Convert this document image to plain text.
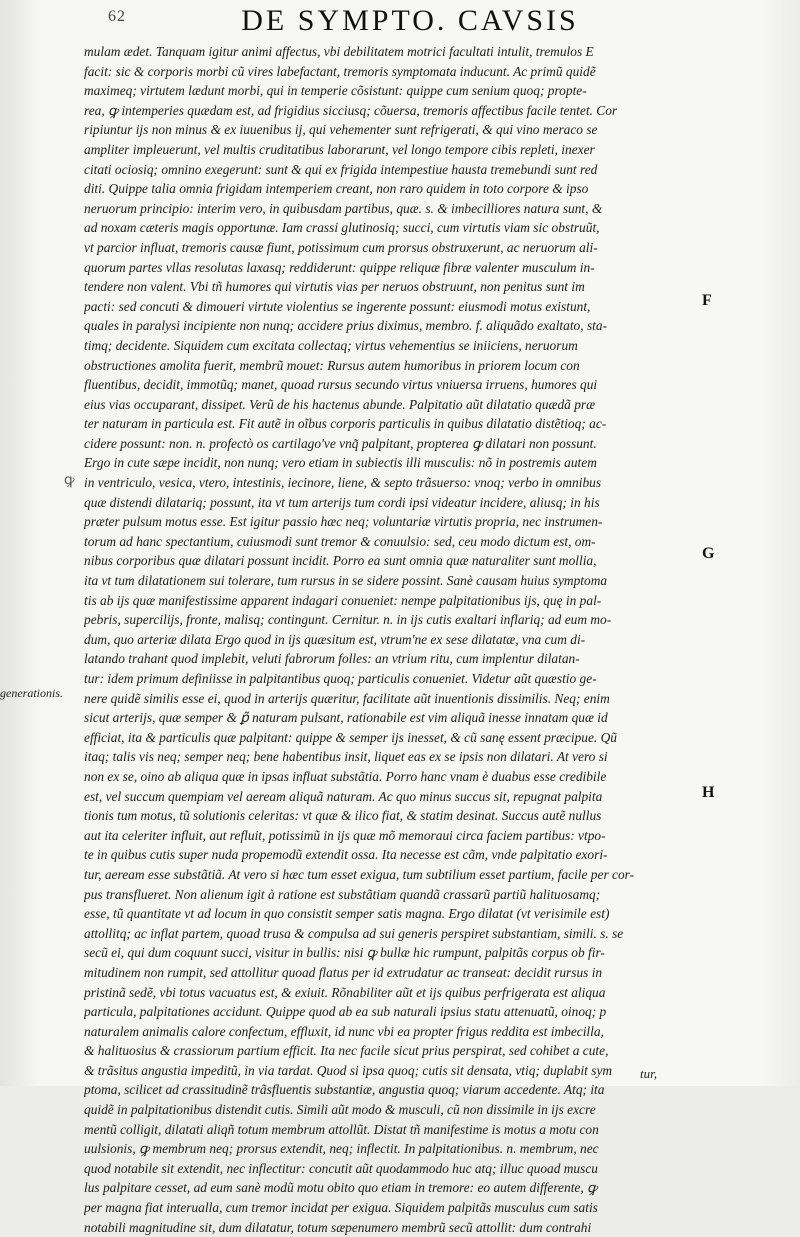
62	DE SYMPTO. CAVSIS
mulam ædet. Tanquam igitur animi affectus, vbi debilitatem motrici facultati intulit, tremulos E
facit: sic & corporis morbi cũ vires labefactant, tremoris symptomata inducunt. Ac primũ quidẽ
maximeq; virtutem lædunt morbi, qui in temperie cõsistunt: quippe cum senium quoq; propte-
rea, ꝙ intemperies quædam est, ad frigidius sicciusq; cõuersa, tremoris affectibus facile tentet. Cor
ripiuntur ijs non minus & ex iuuenibus ij, qui vehementer sunt refrigerati, & qui vino meraco se
ampliter impleuerunt, vel multis cruditatibus laborarunt, vel longo tempore cibis repleti, inexer
citati ociosiq; omnino exegerunt: sunt & qui ex frigida intempestiue hausta tremebundi sunt red
diti. Quippe talia omnia frigidam intemperiem creant, non raro quidem in toto corpore & ipso
neruorum principio: interim vero, in quibusdam partibus, quæ. s. & imbecilliores natura sunt, &
ad noxam cæteris magis opportunæ. Iam crassi glutinosiq; succi, cum virtutis viam sic obstruũt,
vt parcior influat, tremoris causæ fiunt, potissimum cum prorsus obstruxerunt, ac neruorum ali-
quorum partes vllas resolutas laxasq; reddiderunt: quippe reliquæ fibræ valenter musculum in-
tendere non valent. Vbi tñ humores qui virtutis vias per neruos obstruunt, non penitus sunt im
pacti: sed concuti & dimoueri virtute violentius se ingerente possunt: eiusmodi motus existunt,
quales in paralysi incipiente non nunq; accidere prius diximus, membro. f. aliquãdo exaltato, sta-
timq; decidente. Siquidem cum excitata collectaq; virtus vehementius se iniiciens, neruorum
obstructiones amolita fuerit, membrũ mouet: Rursus autem humoribus in priorem locum con
fluentibus, decidit, immotũq; manet, quoad rursus secundo virtus vniuersa irruens, humores qui
eius vias occuparant, dissipet. Verũ de his hactenus abunde. Palpitatio aũt dilatatio quædã præ
ter naturam in particula est. Fit autẽ in oĩbus corporis particulis in quibus dilatatio distẽtioq; ac-
cidere possunt: non. n. profectò os cartilago've vnq̃ palpitant, propterea ꝙ dilatari non possunt.
Ergo in cute sæpe incidit, non nunq; vero etiam in subiectis illi musculis: nõ in postremis autem
in ventriculo, vesica, vtero, intestinis, iecinore, liene, & septo trãsuerso: vnoq; verbo in omnibus
quæ distendi dilatariq; possunt, ita vt tum arterijs tum cordi ipsi videatur incidere, aliusq; in his
præter pulsum motus esse. Est igitur passio hæc neq; voluntariæ virtutis propria, nec instrumen-
torum ad hanc spectantium, cuiusmodi sunt tremor & conuulsio: sed, ceu modo dictum est, om-
nibus corporibus quæ dilatari possunt incidit. Porro ea sunt omnia quæ naturaliter sunt mollia,
ita vt tum dilatationem sui tolerare, tum rursus in se sidere possint. Sanè causam huius symptoma
tis ab ijs quæ manifestissime apparent indagari conueniet: nempe palpitationibus ijs, quę in pal-
pebris, supercilijs, fronte, malisq; contingunt. Cernitur. n. in ijs cutis exaltari inflariq; ad eum mo-
dum, quo arteriæ dilata Ergo quod in ijs quæsitum est, vtrum'ne ex sese dilatatæ, vna cum di-
latando trahant quod implebit, veluti fabrorum folles: an vtrium ritu, cum implentur dilatan-
tur: idem primum definiisse in palpitantibus quoq; particulis conueniet. Videtur aũt quæstio ge-
nere quidẽ similis esse ei, quod in arterijs quæritur, facilitate aũt inuentionis dissimilis. Neq; enim
sicut arterijs, quæ semper & ꝑ̃ naturam pulsant, rationabile est vim aliquã inesse innatam quæ id
efficiat, ita & particulis quæ palpitant: quippe & semper ijs inesset, & cũ sanę essent præcipue. Qũ
itaq; talis vis neq; semper neq; bene habentibus insit, liquet eas ex se ipsis non dilatari. At vero si
non ex se, oino ab aliqua quæ in ipsas influat substãtia. Porro hanc vnam è duabus esse credibile
est, vel succum quempiam vel aeream aliquã naturam. Ac quo minus succus sit, repugnat palpita
tionis tum motus, tũ solutionis celeritas: vt quæ & ilico fiat, & statim desinat. Succus autẽ nullus
aut ita celeriter influit, aut refluit, potissimũ in ijs quæ mõ memoraui circa faciem partibus: vtpo-
te in quibus cutis super nuda propemodũ extendit ossa. Ita necesse est cãm, vnde palpitatio exori-
tur, aeream esse substãtiã. At vero si hæc tum esset exigua, tum subtilium esset partium, facile per cor-
pus transflueret. Non alienum igit à ratione est substãtiam quandã crassarũ partiũ halituosamq;
esse, tũ quantitate vt ad locum in quo consistit semper satis magna. Ergo dilatat (vt verisimile est)
attollitq; ac inflat partem, quoad trusa & compulsa ad sui generis perspiret substantiam, simili. s. se
secũ ei, qui dum coquunt succi, visitur in bullis: nisi ꝙ bullæ hic rumpunt, palpitãs corpus ob fir-
mitudinem non rumpit, sed attollitur quoad flatus per id extrudatur ac transeat: decidit rursus in
pristinã sedẽ, vbi totus vacuatus est, & exiuit. Rõnabiliter aũt et ijs quibus perfrigerata est aliqua
particula, palpitationes accidunt. Quippe quod ab ea sub naturali ipsius statu attenuatũ, oinoq; p
naturalem animalis calore confectum, effluxit, id nunc vbi ea propter frigus reddita est imbecilla,
& halituosius & crassiorum partium efficit. Ita nec facile sicut prius perspirat, sed cohibet a cute,
& trãsitus angustia impeditũ, in via tardat. Quod si ipsa quoq; cutis sit densata, vtiq; duplabit sym
ptoma, scilicet ad crassitudinẽ trãsfluentis substantiæ, angustia quoq; viarum accedente. Atq; ita
quidẽ in palpitationibus distendit cutis. Simili aũt modo & musculi, cũ non dissimile in ijs excre
mentũ colligit, dilatati aliqñ totum membrum attollũt. Distat tñ manifestime is motus a motu con
uulsionis, ꝙ membrum neq; prorsus extendit, neq; inflectit. In palpitationibus. n. membrum, nec
quod notabile sit extendit, nec inflectitur: concutit aũt quodammodo huc atq; illuc quoad muscu
lus palpitare cesset, ad eum sanè modũ motu obito quo etiam in tremore: eo autem differente, ꝙ
per magna fiat interualla, cum tremor incidat per exigua. Siquidem palpitãs musculus cum satis
notabili magnitudine sit, dum dilatatur, totum sæpenumero membrũ secũ attollit: dum contrahi
F
G
H
ꝙ
generationis.
tur,
